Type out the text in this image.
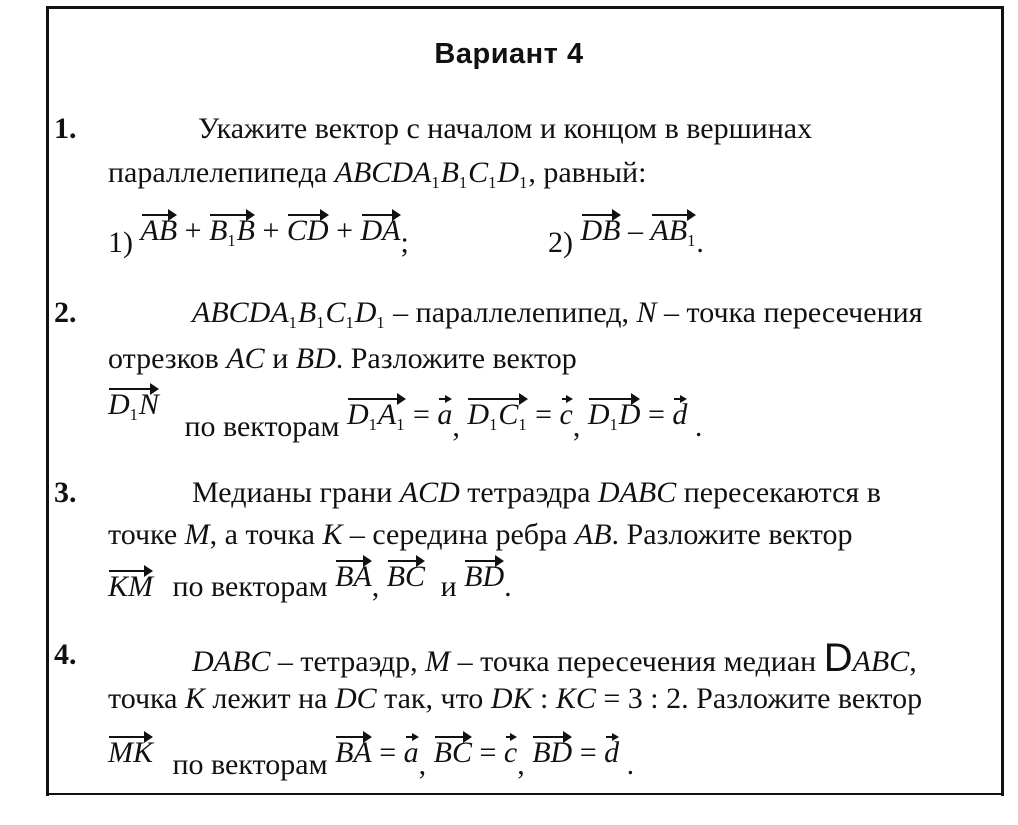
Вариант 4
1.	Укажите вектор с началом и концом в вершинах
параллелепипеда $ABCDA_1B_1C_1D_1$, равный:
1) AB + $B_1B$ + CD + DA;	2) DB – $AB_1$.
2.	$ABCDA_1B_1C_1D_1$ – параллелепипед, N – точка пересечения
отрезков AC и BD. Разложите вектор
$D_1N$ по векторам $D_1A_1 = a$, $D_1C_1 = c$, $D_1D = d$ .
3.	Медианы грани ACD тетраэдра DABC пересекаются в
точке M, а точка К – середина ребра AB. Разложите вектор
KM по векторам BA, BC и BD.
4.	DABC – тетраэдр, M – точка пересечения медиан DABC,
точка К лежит на DC так, что DK : KC = 3 : 2. Разложите вектор
MK по векторам BA = a, BC = c, BD = d .
